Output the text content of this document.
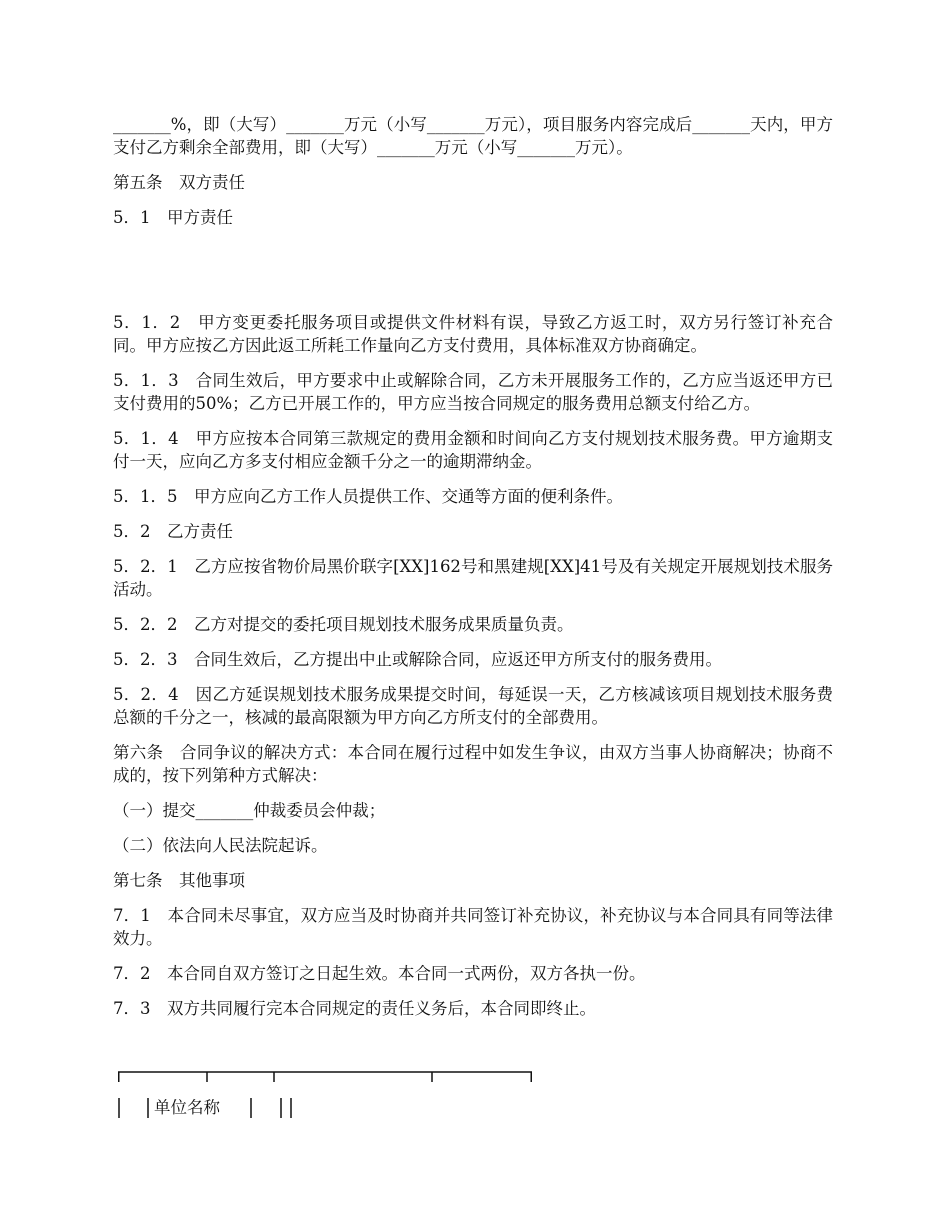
_______%，即（大写）_______万元（小写_______万元），项目服务内容完成后_______天内，甲方支付乙方剩余全部费用，即（大写）_______万元（小写_______万元）。

第五条　双方责任

5．1　甲方责任

5．1．2　甲方变更委托服务项目或提供文件材料有误，导致乙方返工时，双方另行签订补充合同。甲方应按乙方因此返工所耗工作量向乙方支付费用，具体标准双方协商确定。

5．1．3　合同生效后，甲方要求中止或解除合同，乙方未开展服务工作的，乙方应当返还甲方已支付费用的50%；乙方已开展工作的，甲方应当按合同规定的服务费用总额支付给乙方。

5．1．4　甲方应按本合同第三款规定的费用金额和时间向乙方支付规划技术服务费。甲方逾期支付一天，应向乙方多支付相应金额千分之一的逾期滞纳金。

5．1．5　甲方应向乙方工作人员提供工作、交通等方面的便利条件。

5．2　乙方责任

5．2．1　乙方应按省物价局黑价联字[XX]162号和黑建规[XX]41号及有关规定开展规划技术服务活动。

5．2．2　乙方对提交的委托项目规划技术服务成果质量负责。

5．2．3　合同生效后，乙方提出中止或解除合同，应返还甲方所支付的服务费用。

5．2．4　因乙方延误规划技术服务成果提交时间，每延误一天，乙方核减该项目规划技术服务费总额的千分之一，核减的最高限额为甲方向乙方所支付的全部费用。

第六条　合同争议的解决方式：本合同在履行过程中如发生争议，由双方当事人协商解决；协商不成的，按下列第种方式解决：

（一）提交_______仲裁委员会仲裁；

（二）依法向人民法院起诉。

第七条　其他事项

7．1　本合同未尽事宜，双方应当及时协商并共同签订补充协议，补充协议与本合同具有同等法律效力。

7．2　本合同自双方签订之日起生效。本合同一式两份，双方各执一份。

7．3　双方共同履行完本合同规定的责任义务后，本合同即终止。

单位名称
